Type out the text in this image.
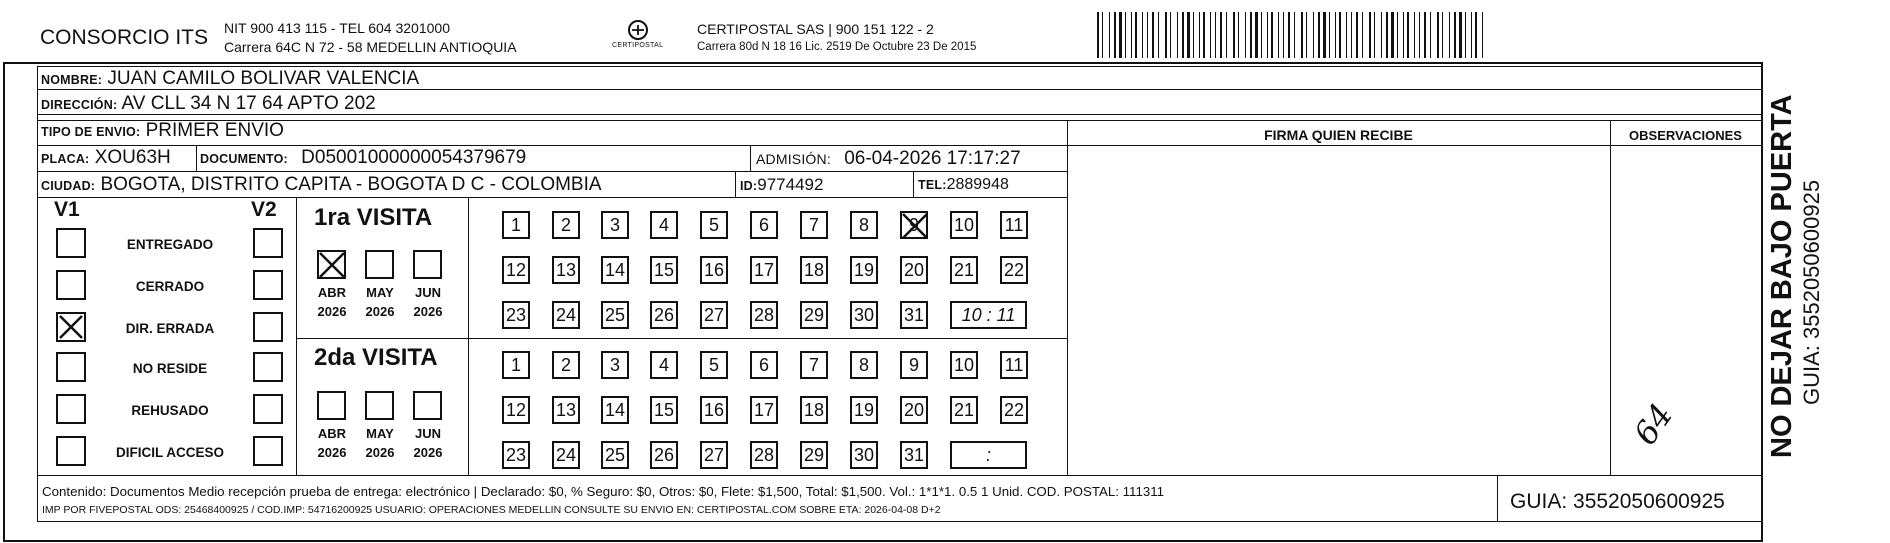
CONSORCIO ITS NIT 900 413 115 - TEL 604 3201000
Carrera 64C N 72 - 58 MEDELLIN ANTIOQUIA	CERTIPOSTAL
CERTIPOSTAL SAS | 900 151 122 - 2
Carrera 80d N 18 16 Lic. 2519 De Octubre 23 De 2015
NOMBRE: JUAN CAMILO BOLIVAR VALENCIA
DIRECCIÓN: AV CLL 34 N 17 64 APTO 202
TIPO DE ENVIO: PRIMER ENVIO
PLACA: XOU63H DOCUMENTO: D05001000000054379679	ADMISIÓN: 06-04-2026 17:17:27
CIUDAD: BOGOTA, DISTRITO CAPITA - BOGOTA D C - COLOMBIA	ID:9774492	TEL:2889948
FIRMA QUIEN RECIBE	OBSERVACIONES
V1	V2 1ra VISITA
2da VISITA
64
Contenido: Documentos Medio recepción prueba de entrega: electrónico | Declarado: $0, % Seguro: $0, Otros: $0, Flete: $1,500, Total: $1,500. Vol.: 1*1*1. 0.5 1 Unid. COD. POSTAL: 111311
IMP POR FIVEPOSTAL ODS: 25468400925 / COD.IMP: 54716200925 USUARIO: OPERACIONES MEDELLIN CONSULTE SU ENVIO EN: CERTIPOSTAL.COM SOBRE ETA: 2026-04-08 D+2	GUIA: 3552050600925
NO DEJAR BAJO PUERTA GUIA: 3552050600925
ENTREGADO
CERRADO
DIR. ERRADA
NO RESIDE
REHUSADO
DIFICIL ACCESO
ABR
2026
MAY
2026
JUN
2026
ABR
2026
MAY
2026
JUN
2026
1	2	3	4	5	6	7	8	9	10 11
12 13 14 15 16 17 18 19 20 21 22
23 24 25 26 27 28 29 30 31	10 : 11
1	2	3	4	5	6	7	8	9	10 11
12 13 14 15 16 17 18 19 20 21 22
23 24 25 26 27 28 29 30 31	:
